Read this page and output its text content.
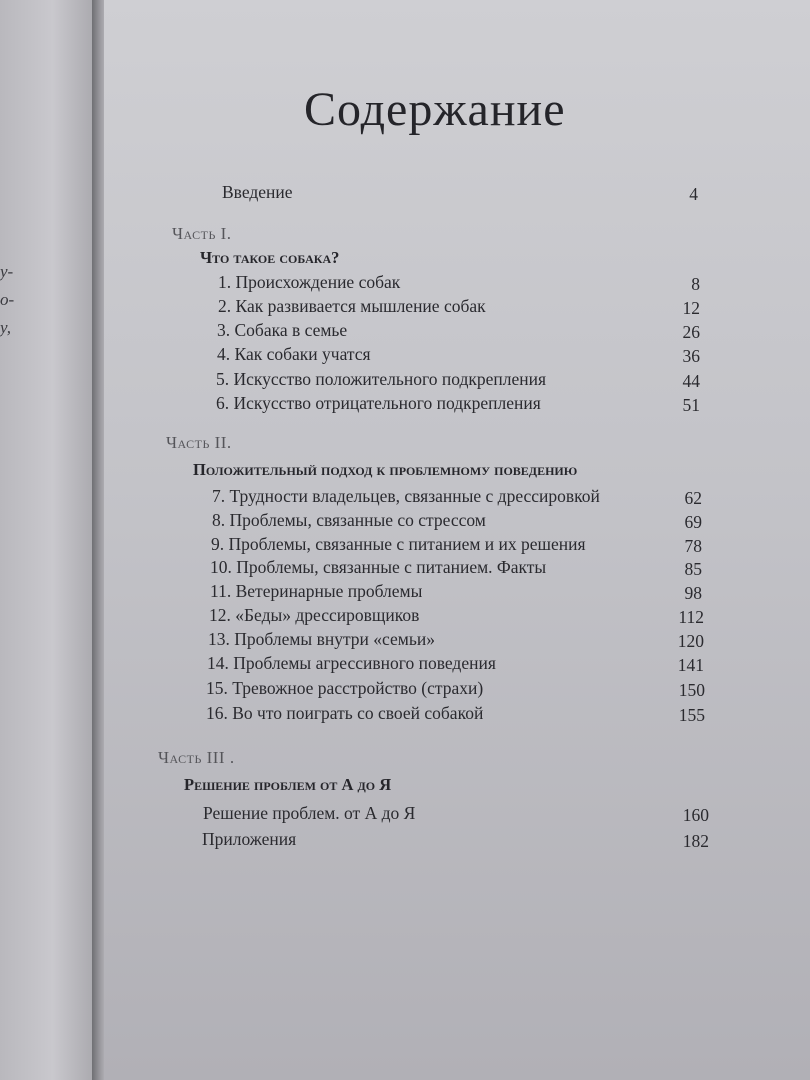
у-
о-
у,
Содержание
Введение	4
Часть I.
Что такое собака?
1. Происхождение собак	8
2. Как развивается мышление собак	12
3. Собака в семье	26
4. Как собаки учатся	36
5. Искусство положительного подкрепления	44
6. Искусство отрицательного подкрепления	51
Часть II.
Положительный подход к проблемному поведению
7. Трудности владельцев, связанные с дрессировкой	62
8. Проблемы, связанные со стрессом	69
9. Проблемы, связанные с питанием и их решения	78
10. Проблемы, связанные с питанием. Факты	85
11. Ветеринарные проблемы	98
12. «Беды» дрессировщиков	112
13. Проблемы внутри «семьи»	120
14. Проблемы агрессивного поведения	141
15. Тревожное расстройство (страхи)	150
16. Во что поиграть со своей собакой	155
Часть III .
Решение проблем от А до Я
Решение проблем. от А до Я	160
Приложения	182
